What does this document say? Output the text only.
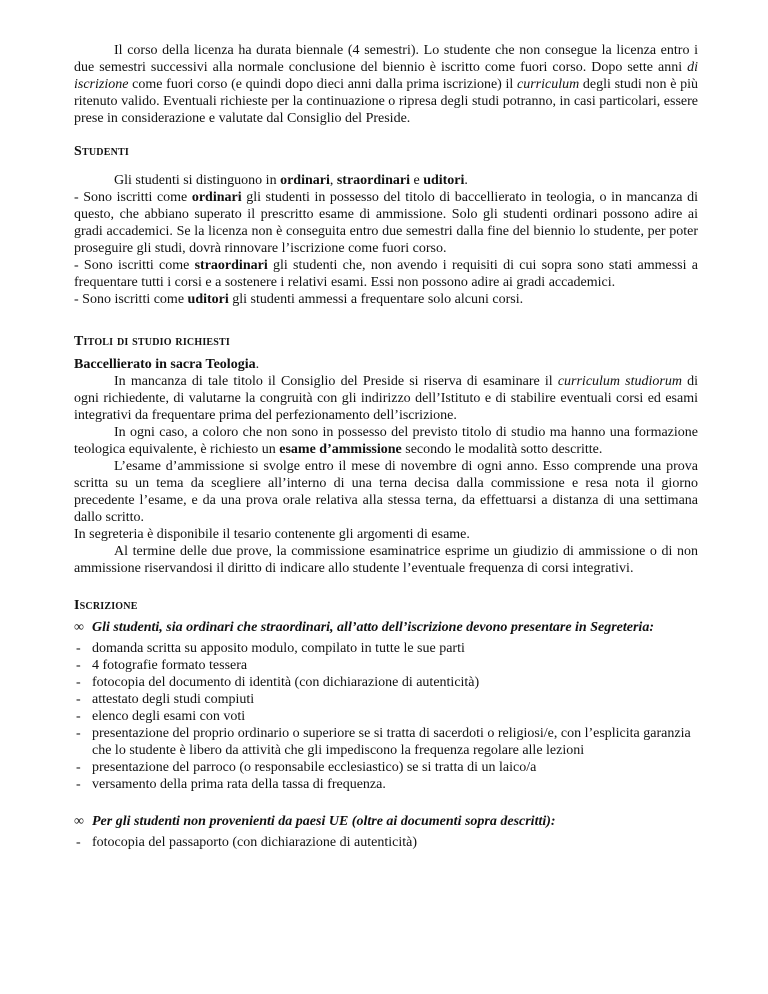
Il corso della licenza ha durata biennale (4 semestri). Lo studente che non consegue la licenza entro i due semestri successivi alla normale conclusione del biennio è iscritto come fuori corso. Dopo sette anni di iscrizione come fuori corso (e quindi dopo dieci anni dalla prima iscrizione) il curriculum degli studi non è più ritenuto valido. Eventuali richieste per la continuazione o ripresa degli studi potranno, in casi particolari, essere prese in considerazione e valutate dal Consiglio del Preside.

Studenti

Gli studenti si distinguono in ordinari, straordinari e uditori.

- Sono iscritti come ordinari gli studenti in possesso del titolo di baccellierato in teologia, o in mancanza di questo, che abbiano superato il prescritto esame di ammissione. Solo gli studenti ordinari possono adire ai gradi accademici. Se la licenza non è conseguita entro due semestri dalla fine del biennio lo studente, per poter proseguire gli studi, dovrà rinnovare l’iscrizione come fuori corso.

- Sono iscritti come straordinari gli studenti che, non avendo i requisiti di cui sopra sono stati ammessi a frequentare tutti i corsi e a sostenere i relativi esami. Essi non possono adire ai gradi accademici.

- Sono iscritti come uditori gli studenti ammessi a frequentare solo alcuni corsi.

Titoli di studio richiesti

Baccellierato in sacra Teologia.

In mancanza di tale titolo il Consiglio del Preside si riserva di esaminare il curriculum studiorum di ogni richiedente, di valutarne la congruità con gli indirizzo dell’Istituto e di stabilire eventuali corsi ed esami integrativi da frequentare prima del perfezionamento dell’iscrizione.

In ogni caso, a coloro che non sono in possesso del previsto titolo di studio ma hanno una formazione teologica equivalente, è richiesto un esame d’ammissione secondo le modalità sotto descritte.

L’esame d’ammissione si svolge entro il mese di novembre di ogni anno. Esso comprende una prova scritta su un tema da scegliere all’interno di una terna decisa dalla commissione e resa nota il giorno precedente l’esame, e da una prova orale relativa alla stessa terna, da effettuarsi a distanza di una settimana dallo scritto.

In segreteria è disponibile il tesario contenente gli argomenti di esame.

Al termine delle due prove, la commissione esaminatrice esprime un giudizio di ammissione o di non ammissione riservandosi il diritto di indicare allo studente l’eventuale frequenza di corsi integrativi.

Iscrizione
∞ Gli studenti, sia ordinari che straordinari, all’atto dell’iscrizione devono presentare in Segreteria:
- domanda scritta su apposito modulo, compilato in tutte le sue parti
- 4 fotografie formato tessera
- fotocopia del documento di identità (con dichiarazione di autenticità)
- attestato degli studi compiuti
- elenco degli esami con voti
- presentazione del proprio ordinario o superiore se si tratta di sacerdoti o religiosi/e, con l’esplicita garanzia che lo studente è libero da attività che gli impediscono la frequenza regolare alle lezioni
- presentazione del parroco (o responsabile ecclesiastico) se si tratta di un laico/a
- versamento della prima rata della tassa di frequenza.
∞ Per gli studenti non provenienti da paesi UE (oltre ai documenti sopra descritti):
- fotocopia del passaporto (con dichiarazione di autenticità)
